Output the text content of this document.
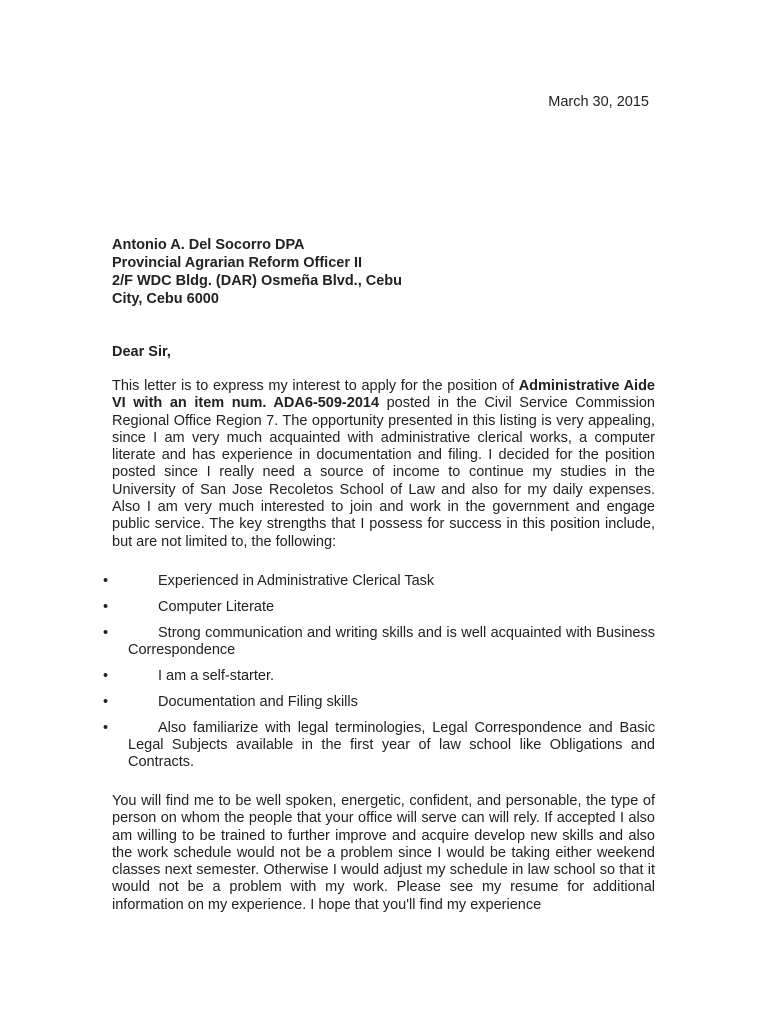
March 30, 2015
Antonio A. Del Socorro DPA
Provincial Agrarian Reform Officer II
2/F WDC Bldg. (DAR) Osmeña Blvd., Cebu
City, Cebu 6000
Dear Sir,
This letter is to express my interest to apply for the position of Administrative Aide VI with an item num. ADA6-509-2014 posted in the Civil Service Commission Regional Office Region 7. The opportunity presented in this listing is very appealing, since I am very much acquainted with administrative clerical works, a computer literate and has experience in documentation and filing. I decided for the position posted since I really need a source of income to continue my studies in the University of San Jose Recoletos School of Law and also for my daily expenses. Also I am very much interested to join and work in the government and engage public service. The key strengths that I possess for success in this position include, but are not limited to, the following:
•	Experienced in Administrative Clerical Task
•	Computer Literate
•	Strong communication and writing skills and is well acquainted with Business Correspondence
•	I am a self-starter.
•	Documentation and Filing skills
•	Also familiarize with legal terminologies, Legal Correspondence and Basic Legal Subjects available in the first year of law school like Obligations and Contracts.
You will find me to be well spoken, energetic, confident, and personable, the type of person on whom the people that your office will serve can will rely. If accepted I also am willing to be trained to further improve and acquire develop new skills and also the work schedule would not be a problem since I would be taking either weekend classes next semester. Otherwise I would adjust my schedule in law school so that it would not be a problem with my work. Please see my resume for additional information on my experience. I hope that you'll find my experience
